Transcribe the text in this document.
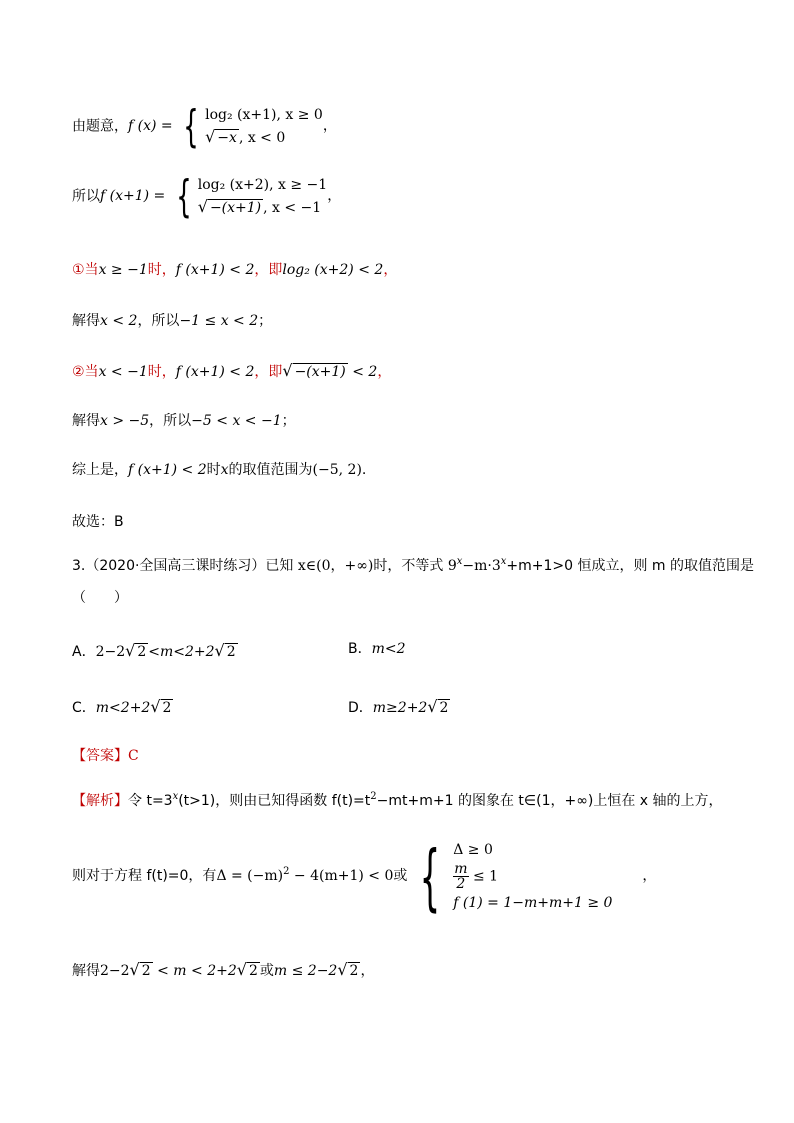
由题意，f (x) = { log₂ (x+1), x ≥ 0
√ −x , x < 0
，
所以f (x+1) = { log₂ (x+2), x ≥ −1
√ −(x+1) , x < −1
，
①当x ≥ −1时，f (x+1) < 2，即log₂ (x+2) < 2，
解得x < 2，所以−1 ≤ x < 2；
②当x < −1时，f (x+1) < 2，即√ −(x+1) < 2，
解得x > −5，所以−5 < x < −1；
综上是，f (x+1) < 2时x的取值范围为(−5, 2).
故选：B
3.（2020·全国高三课时练习）已知 x∈(0，+∞)时，不等式 $9^x-m\cdot 3^x+m+1>0$ 恒成立，则 m 的取值范围是
（　　）
A．2−2√ 2 <m<2+2√ 2	B．m<2
C．m<2+2√ 2	D．m≥2+2√ 2
【答案】C
【解析】令 $t=3^x(t>1)$，则由已知得函数 $f(t)=t^2-mt+m+1$ 的图象在 t∈(1，+∞)上恒在 x 轴的上方，
则对于方程 f(t)=0，有$\Delta = (-m)^2 - 4(m+1) < 0$或 { Δ ≥ 0
$\frac{m}{2} \le 1$
f (1) = 1−m+m+1 ≥ 0
，
解得2−2√ 2 < m < 2+2√ 2 或m ≤ 2−2√ 2 ，
